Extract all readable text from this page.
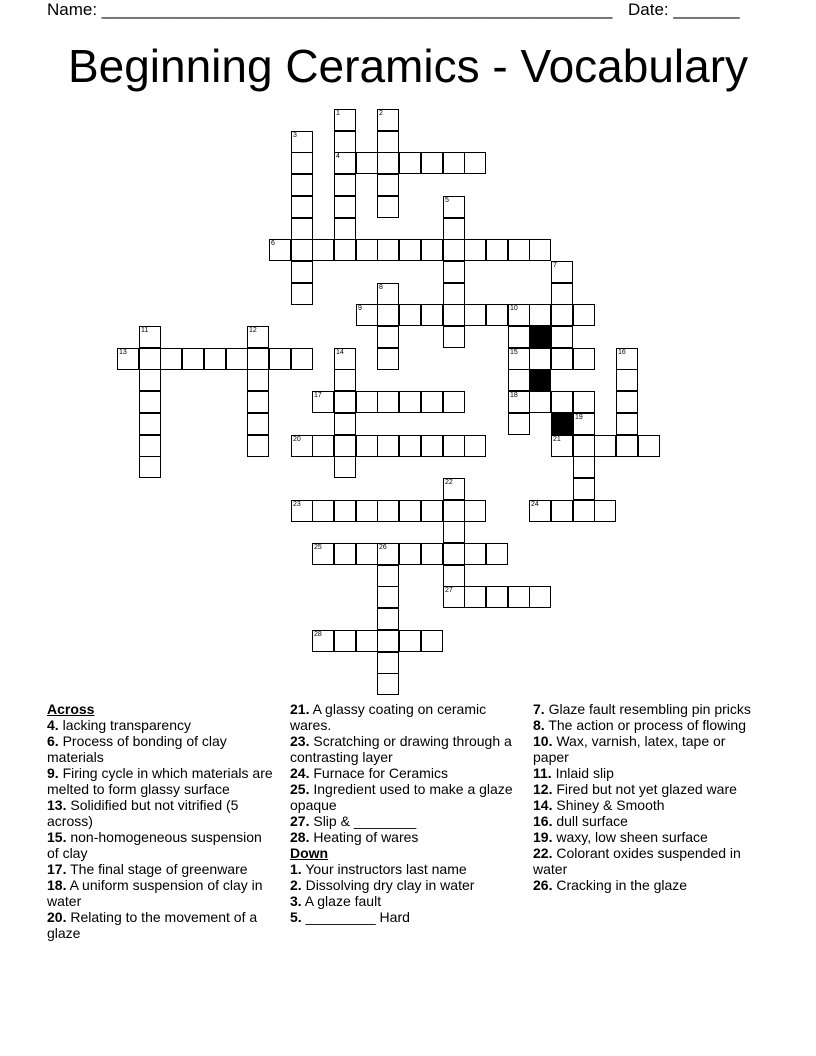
Name: ______________________________________________________ Date: _______
Beginning Ceramics - Vocabulary
1
4
2
3
5
6
7
8
9	10
15
18
11	12
13	14	16
17
19
20	21
22
27
23	24
25	26
28

Across

4. lacking transparency

6. Process of bonding of clay materials

9. Firing cycle in which materials are melted to form glassy surface

13. Solidified but not vitrified (5 across)

15. non-homogeneous suspension of clay

17. The final stage of greenware

18. A uniform suspension of clay in water

20. Relating to the movement of a glaze

21. A glassy coating on ceramic wares.

23. Scratching or drawing through a contrasting layer

24. Furnace for Ceramics

25. Ingredient used to make a glaze opaque

27. Slip & ________

28. Heating of wares

Down

1. Your instructors last name

2. Dissolving dry clay in water

3. A glaze fault

5. _________ Hard

7. Glaze fault resembling pin pricks

8. The action or process of flowing

10. Wax, varnish, latex, tape or paper

11. Inlaid slip

12. Fired but not yet glazed ware

14. Shiney & Smooth

16. dull surface

19. waxy, low sheen surface

22. Colorant oxides suspended in water

26. Cracking in the glaze
